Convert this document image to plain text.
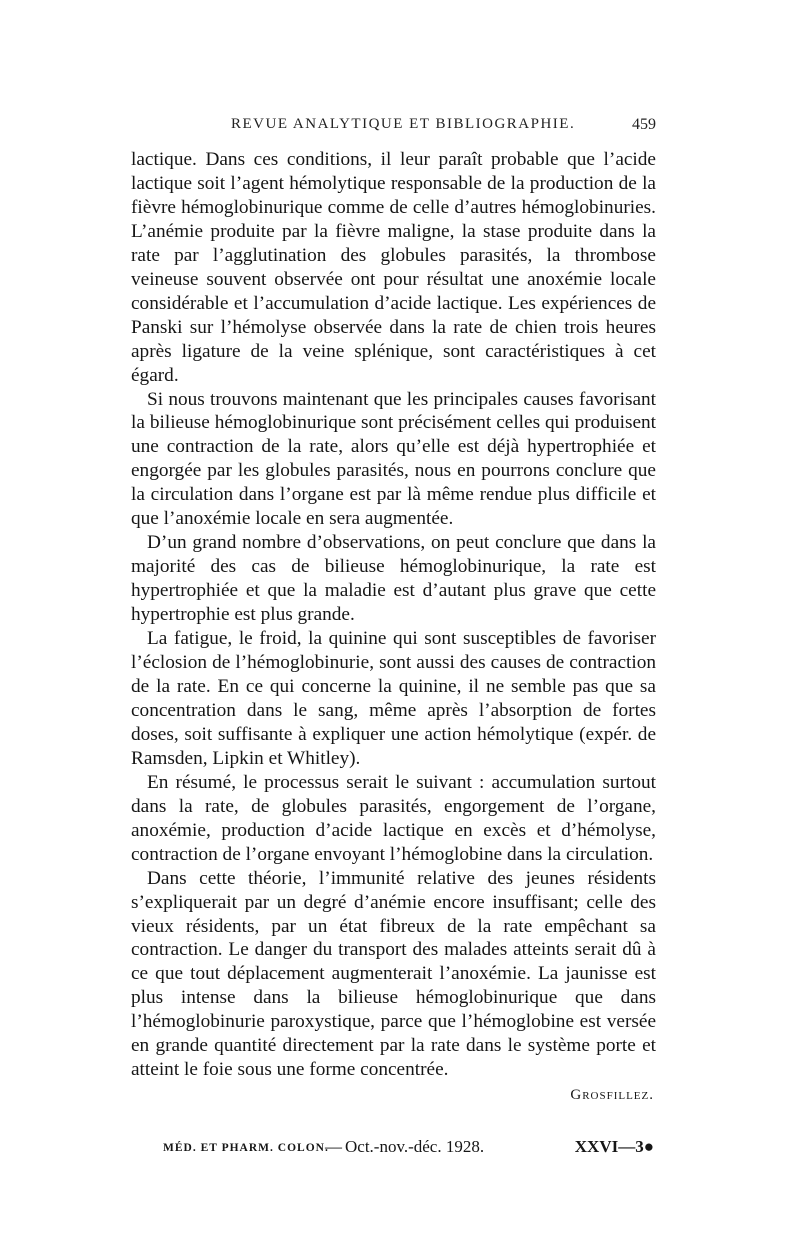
REVUE ANALYTIQUE ET BIBLIOGRAPHIE.	459

lactique. Dans ces conditions, il leur paraît probable que l’acide lactique soit l’agent hémolytique responsable de la production de la fièvre hémoglobinurique comme de celle d’autres hémoglobinuries. L’anémie produite par la fièvre maligne, la stase produite dans la rate par l’agglutination des globules parasités, la thrombose veineuse souvent observée ont pour résultat une anoxémie locale considérable et l’accumulation d’acide lactique. Les expériences de Panski sur l’hémolyse observée dans la rate de chien trois heures après ligature de la veine splénique, sont caractéristiques à cet égard.

Si nous trouvons maintenant que les principales causes favorisant la bilieuse hémoglobinurique sont précisément celles qui produisent une contraction de la rate, alors qu’elle est déjà hypertrophiée et engorgée par les globules parasités, nous en pourrons conclure que la circulation dans l’organe est par là même rendue plus difficile et que l’anoxémie locale en sera augmentée.

D’un grand nombre d’observations, on peut conclure que dans la majorité des cas de bilieuse hémoglobinurique, la rate est hypertrophiée et que la maladie est d’autant plus grave que cette hypertrophie est plus grande.

La fatigue, le froid, la quinine qui sont susceptibles de favoriser l’éclosion de l’hémoglobinurie, sont aussi des causes de contraction de la rate. En ce qui concerne la quinine, il ne semble pas que sa concentration dans le sang, même après l’absorption de fortes doses, soit suffisante à expliquer une action hémolytique (expér. de Ramsden, Lipkin et Whitley).

En résumé, le processus serait le suivant : accumulation surtout dans la rate, de globules parasités, engorgement de l’organe, anoxémie, production d’acide lactique en excès et d’hémolyse, contraction de l’organe envoyant l’hémoglobine dans la circulation.

Dans cette théorie, l’immunité relative des jeunes résidents s’expliquerait par un degré d’anémie encore insuffisant; celle des vieux résidents, par un état fibreux de la rate empêchant sa contraction. Le danger du transport des malades atteints serait dû à ce que tout déplacement augmenterait l’anoxémie. La jaunisse est plus intense dans la bilieuse hémoglobinurique que dans l’hémoglobinurie paroxystique, parce que l’hémoglobine est versée en grande quantité directement par la rate dans le système porte et atteint le foie sous une forme concentrée.

Grosfillez.
MÉD. ET PHARM. COLON.
— Oct.-nov.-déc. 1928.	XXVI—3●
